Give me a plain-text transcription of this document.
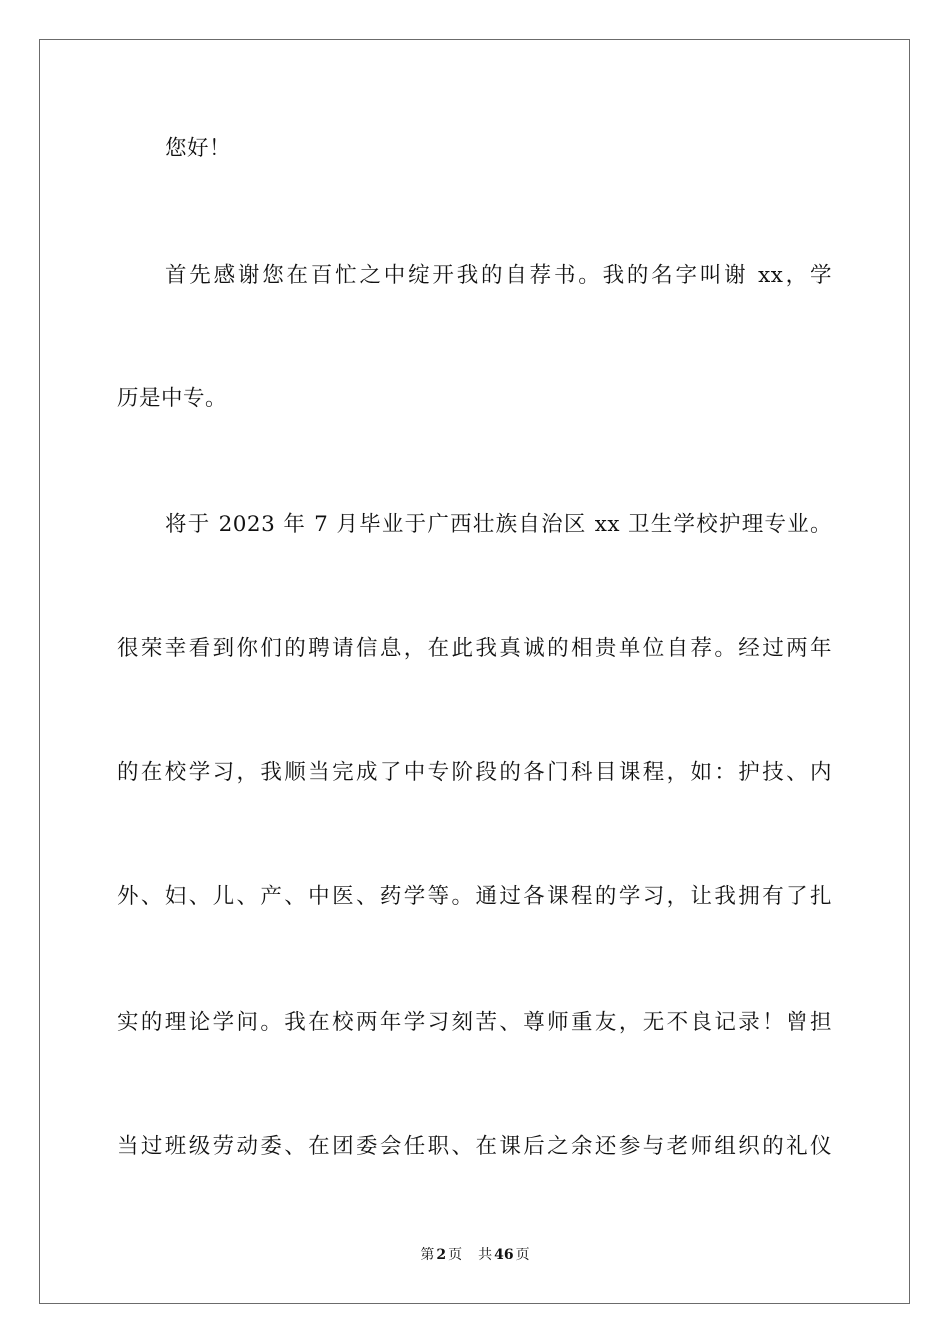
您好！
首先感谢您在百忙之中绽开我的自荐书。我的名字叫谢 xx，学
历是中专。
将于 2023 年 7 月毕业于广西壮族自治区 xx 卫生学校护理专业。
很荣幸看到你们的聘请信息，在此我真诚的相贵单位自荐。经过两年
的在校学习，我顺当完成了中专阶段的各门科目课程，如：护技、内
外、妇、儿、产、中医、药学等。通过各课程的学习，让我拥有了扎
实的理论学问。我在校两年学习刻苦、尊师重友，无不良记录！曾担
当过班级劳动委、在团委会任职、在课后之余还参与老师组织的礼仪
第 2 页 共 46 页
